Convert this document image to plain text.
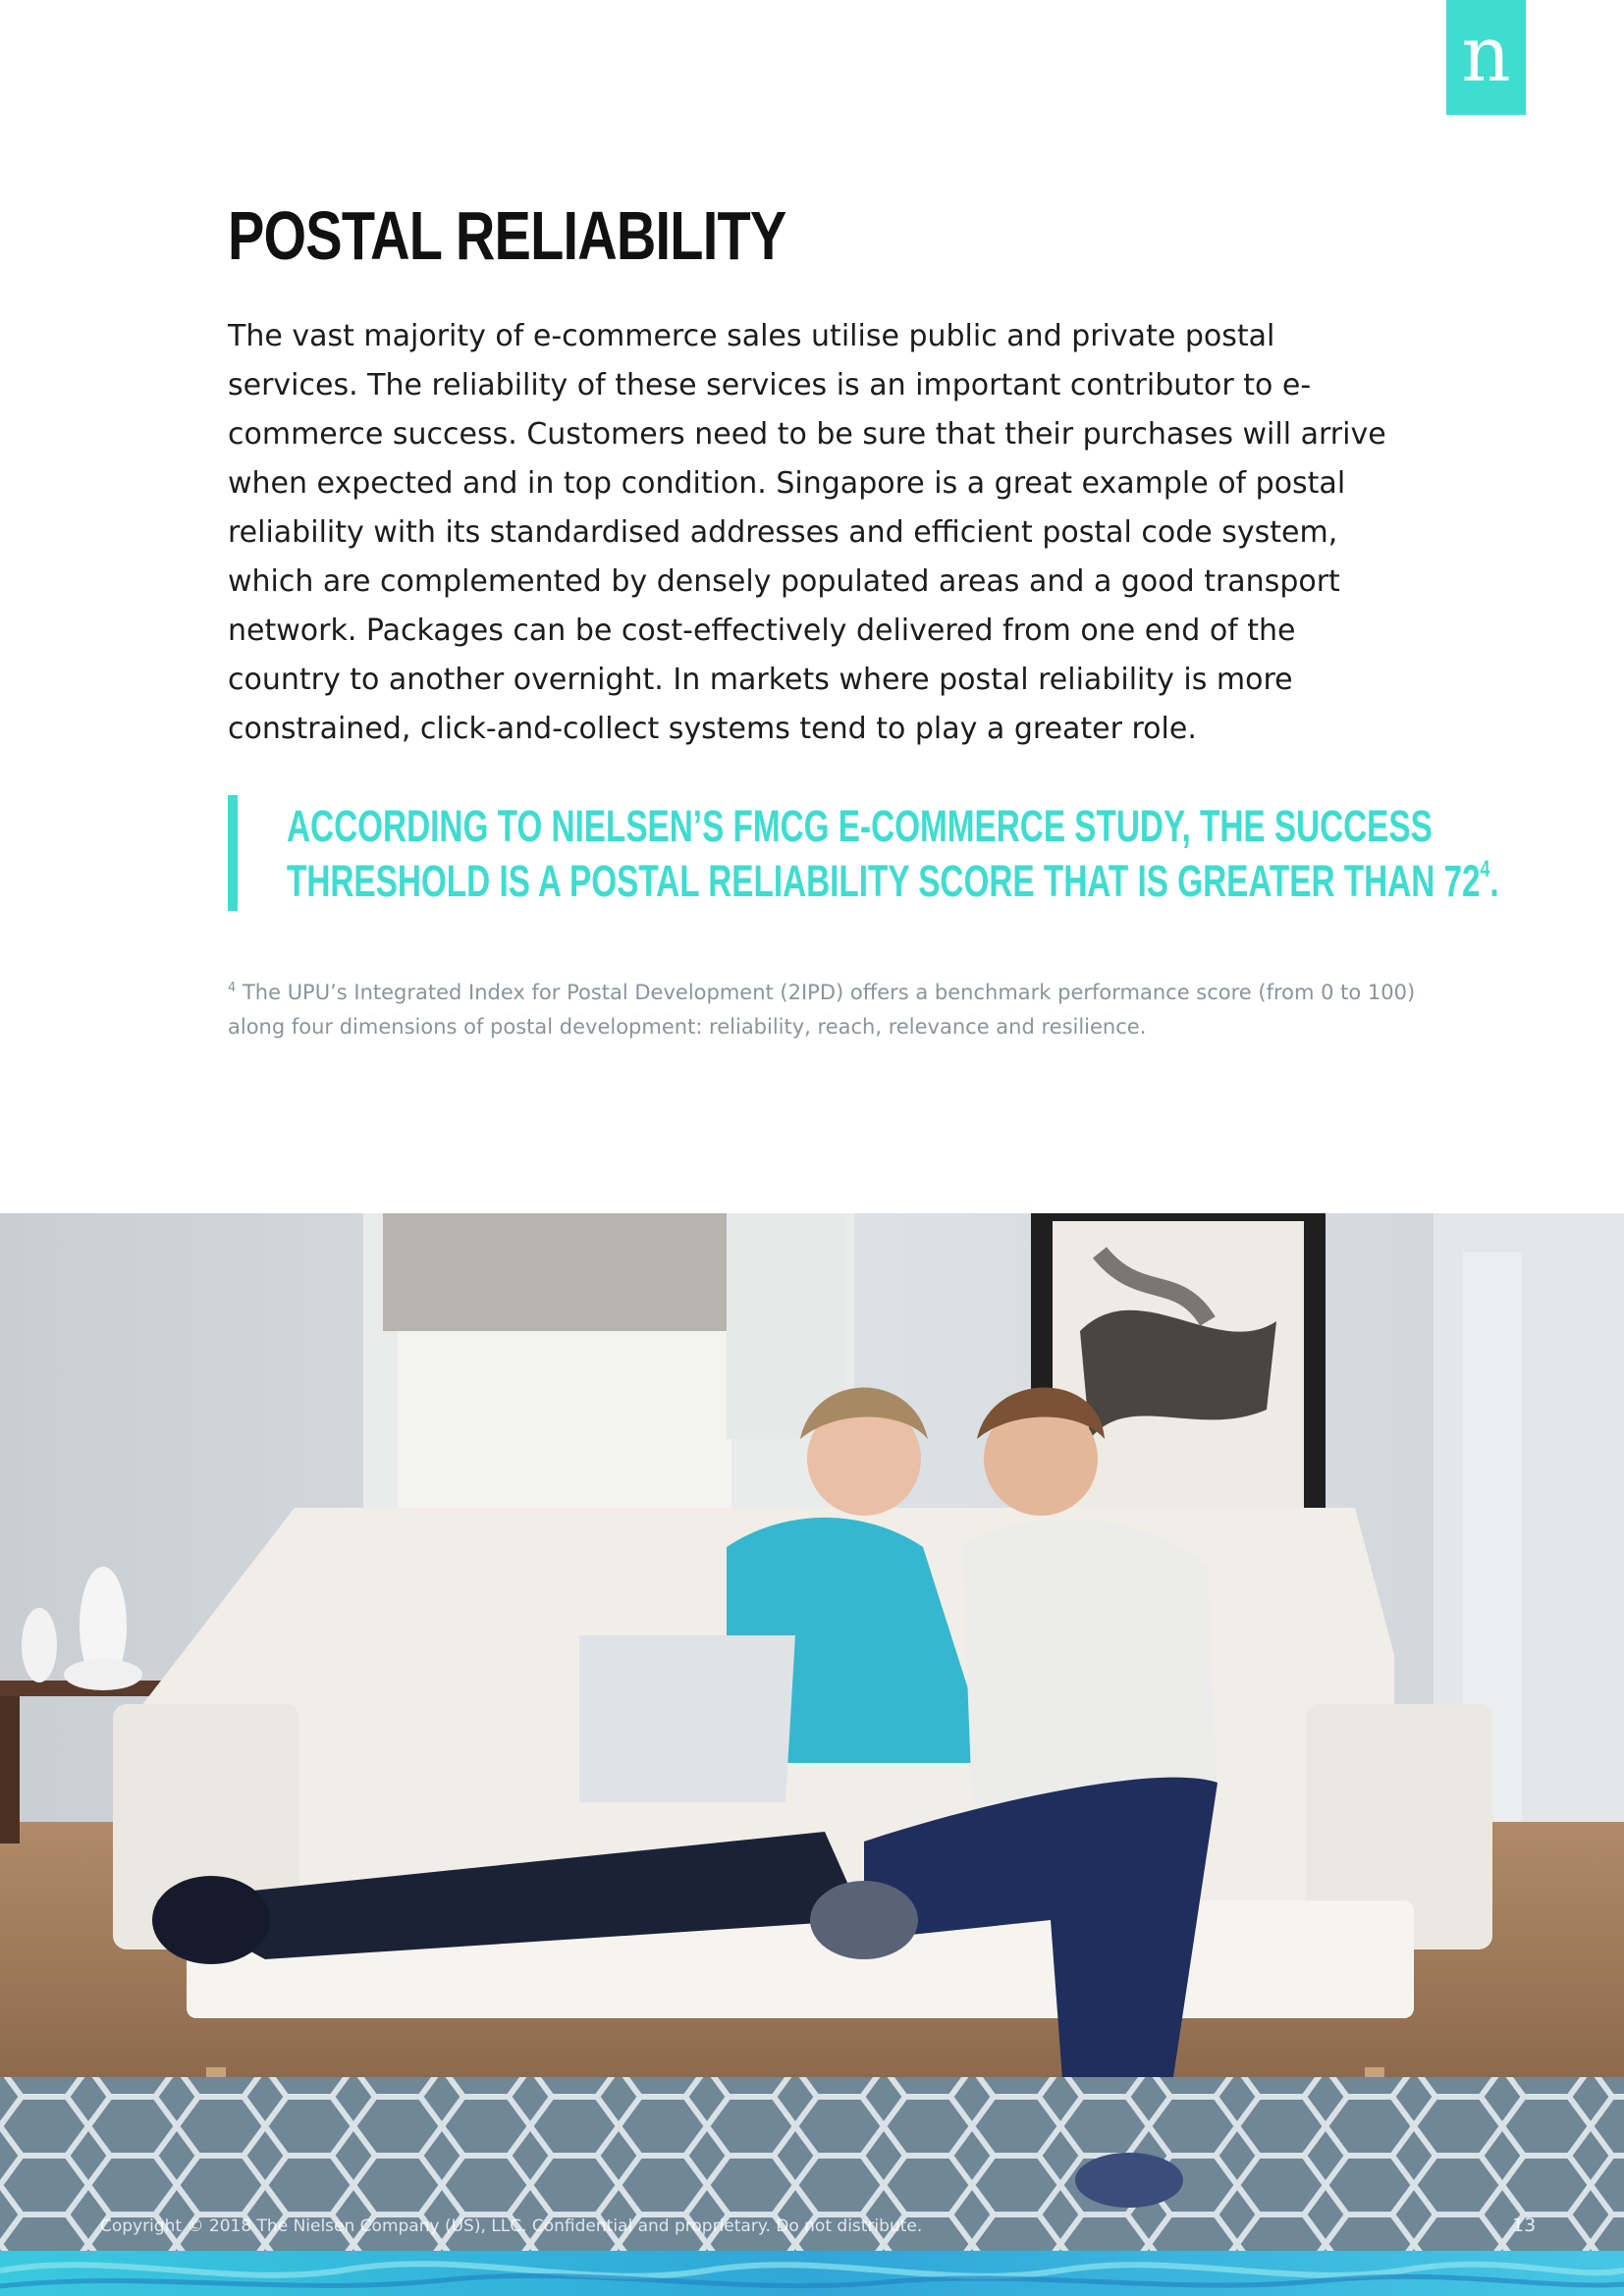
n
POSTAL RELIABILITY

The vast majority of e-commerce sales utilise public and private postal services. The reliability of these services is an important contributor to e-commerce success. Customers need to be sure that their purchases will arrive when expected and in top condition. Singapore is a great example of postal reliability with its standardised addresses and efficient postal code system, which are complemented by densely populated areas and a good transport network. Packages can be cost-effectively delivered from one end of the country to another overnight. In markets where postal reliability is more constrained, click-and-collect systems tend to play a greater role.

ACCORDING TO NIELSEN’S FMCG E-COMMERCE STUDY, THE SUCCESS
THRESHOLD IS A POSTAL RELIABILITY SCORE THAT IS GREATER THAN $72^4$.

$^4$ The UPU’s Integrated Index for Postal Development (2IPD) offers a benchmark performance score (from 0 to 100) along four dimensions of postal development: reliability, reach, relevance and resilience.

Copyright © 2018 The Nielsen Company (US), LLC. Confidential and proprietary. Do not distribute.	13
